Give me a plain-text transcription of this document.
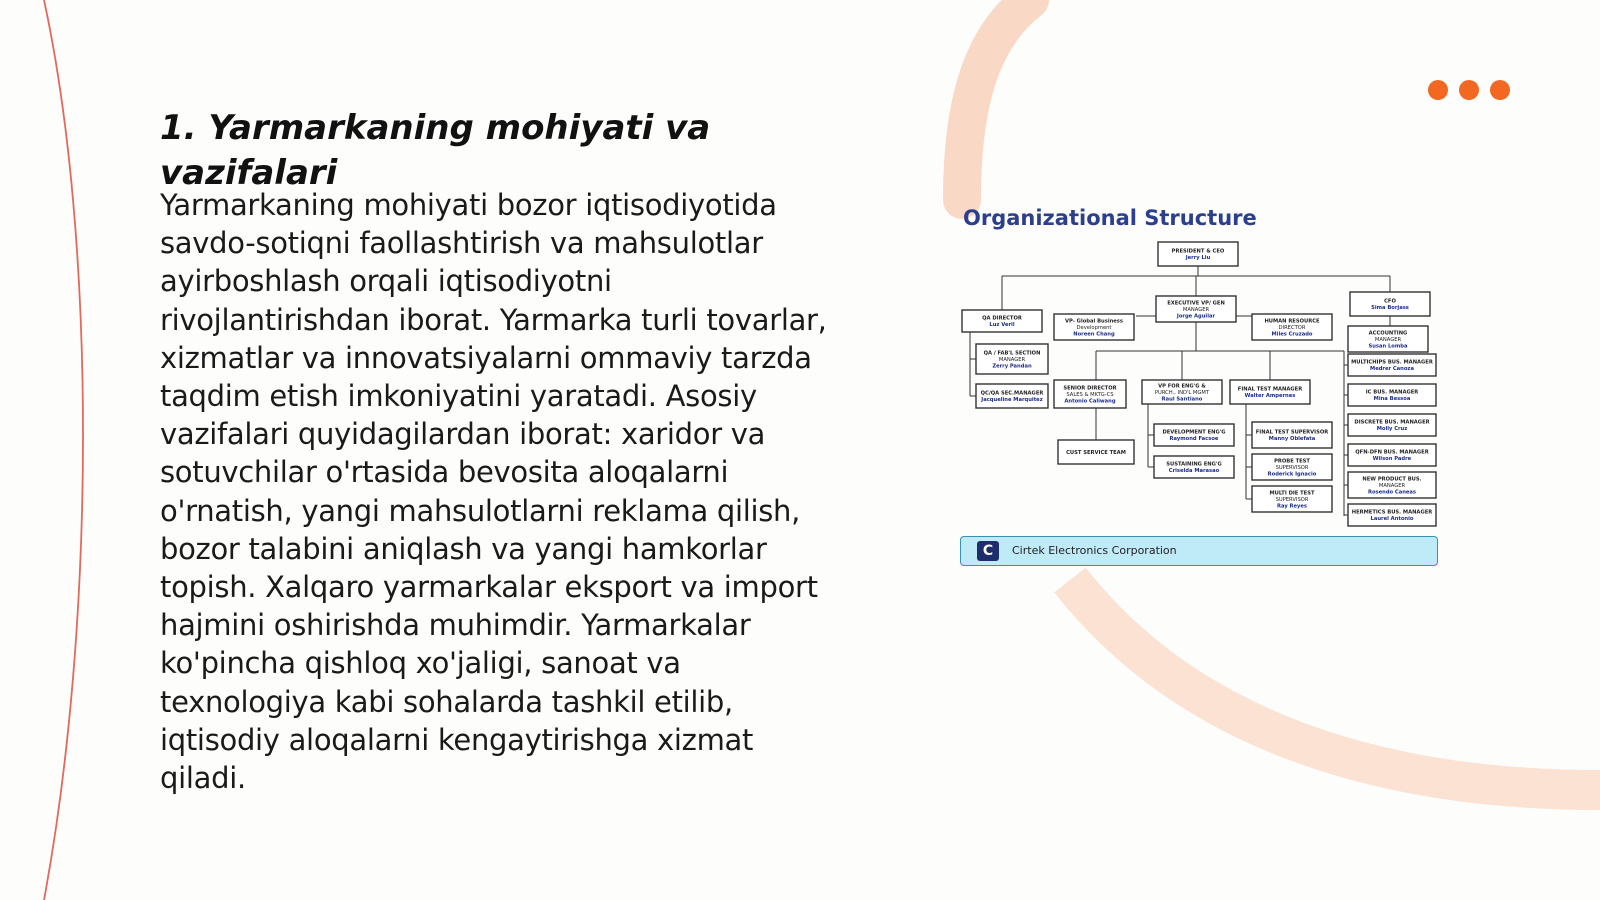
1. Yarmarkaning mohiyati va vazifalari

Yarmarkaning mohiyati bozor iqtisodiyotida savdo-sotiqni faollashtirish va mahsulotlar ayirboshlash orqali iqtisodiyotni rivojlantirishdan iborat. Yarmarka turli tovarlar, xizmatlar va innovatsiyalarni ommaviy tarzda taqdim etish imkoniyatini yaratadi. Asosiy vazifalari quyidagilardan iborat: xaridor va sotuvchilar o'rtasida bevosita aloqalarni o'rnatish, yangi mahsulotlarni reklama qilish, bozor talabini aniqlash va yangi hamkorlar topish. Xalqaro yarmarkalar eksport va import hajmini oshirishda muhimdir. Yarmarkalar ko'pincha qishloq xo'jaligi, sanoat va texnologiya kabi sohalarda tashkil etilib, iqtisodiy aloqalarni kengaytirishga xizmat qiladi.

Organizational Structure
PRESIDENT & CEO
Jerry Liu
QA DIRECTOR
Luz Veril
VP- Global Business
Development
Noreen Chang
EXECUTIVE VP/ GEN
MANAGER
Jorge Aguilar
HUMAN RESOURCE
DIRECTOR
Miles Cruzado
CFO
Sima Borjass
ACCOUNTING
MANAGER
Susan Lomba
QA / FAB'L SECTION
MANAGER
Zerry Pandan
QC/QA SEC.MANAGER
Jacqueline Marquitez
SENIOR DIRECTOR
SALES & MKTG-CS
Antonio Caliwang
VP FOR ENG'G &
PURCH., IND'L MGMT
Raul Santiano
FINAL TEST MANAGER
Walter Ampernes
CUST SERVICE TEAM
DEVELOPMENT ENG'G
Raymond Facsoe
SUSTAINING ENG'G
Criselda Marasao
FINAL TEST SUPERVISOR
Manny Oblefata
PROBE TEST
SUPERVISOR
Roderick Ignacio
MULTI DIE TEST
SUPERVISOR
Ray Reyes
MULTICHIPS BUS. MANAGER
Medrer Canoza
IC BUS. MANAGER
Mina Bessoa
DISCRETE BUS. MANAGER
Molly Cruz
QFN-DFN BUS. MANAGER
Wilson Padre
NEW PRODUCT BUS.
MANAGER
Rosendo Caneas
HERMETICS BUS. MANAGER
Laurel Antonio
C	Cirtek Electronics Corporation
